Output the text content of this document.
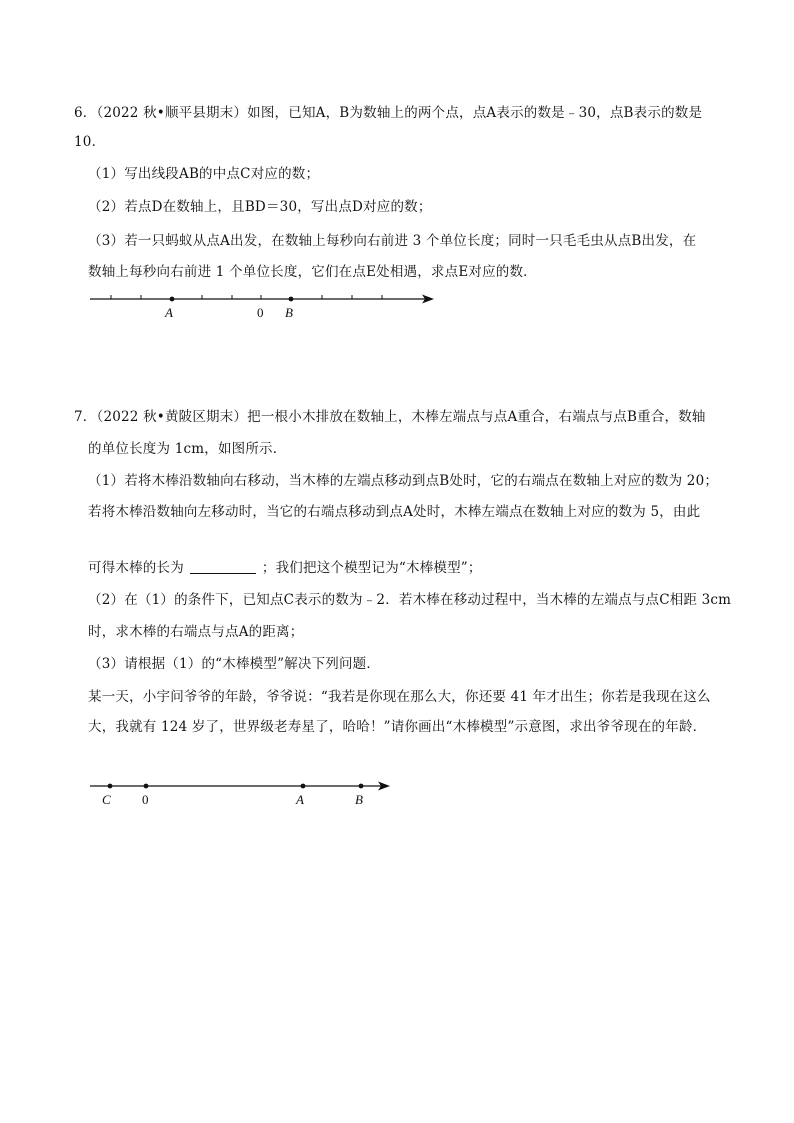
6．（2022 秋•顺平县期末）如图，已知A，B为数轴上的两个点，点A表示的数是﹣30，点B表示的数是
10．
（1）写出线段AB的中点C对应的数；
（2）若点D在数轴上，且BD＝30，写出点D对应的数；
（3）若一只蚂蚁从点A出发，在数轴上每秒向右前进 3 个单位长度；同时一只毛毛虫从点B出发，在
数轴上每秒向右前进 1 个单位长度，它们在点E处相遇，求点E对应的数．
A	0 B
7．（2022 秋•黄陂区期末）把一根小木排放在数轴上，木棒左端点与点A重合，右端点与点B重合，数轴
的单位长度为 1cm，如图所示．
（1）若将木棒沿数轴向右移动，当木棒的左端点移动到点B处时，它的右端点在数轴上对应的数为 20；
若将木棒沿数轴向左移动时，当它的右端点移动到点A处时，木棒左端点在数轴上对应的数为 5，由此
可得木棒的长为	；我们把这个模型记为“木棒模型”；
（2）在（1）的条件下，已知点C表示的数为﹣2．若木棒在移动过程中，当木棒的左端点与点C相距 3cm
时，求木棒的右端点与点A的距离；
（3）请根据（1）的“木棒模型”解决下列问题．
某一天，小宇问爷爷的年龄，爷爷说：“我若是你现在那么大，你还要 41 年才出生；你若是我现在这么
大，我就有 124 岁了，世界级老寿星了，哈哈！”请你画出“木棒模型”示意图，求出爷爷现在的年龄．
C 0	A	B
